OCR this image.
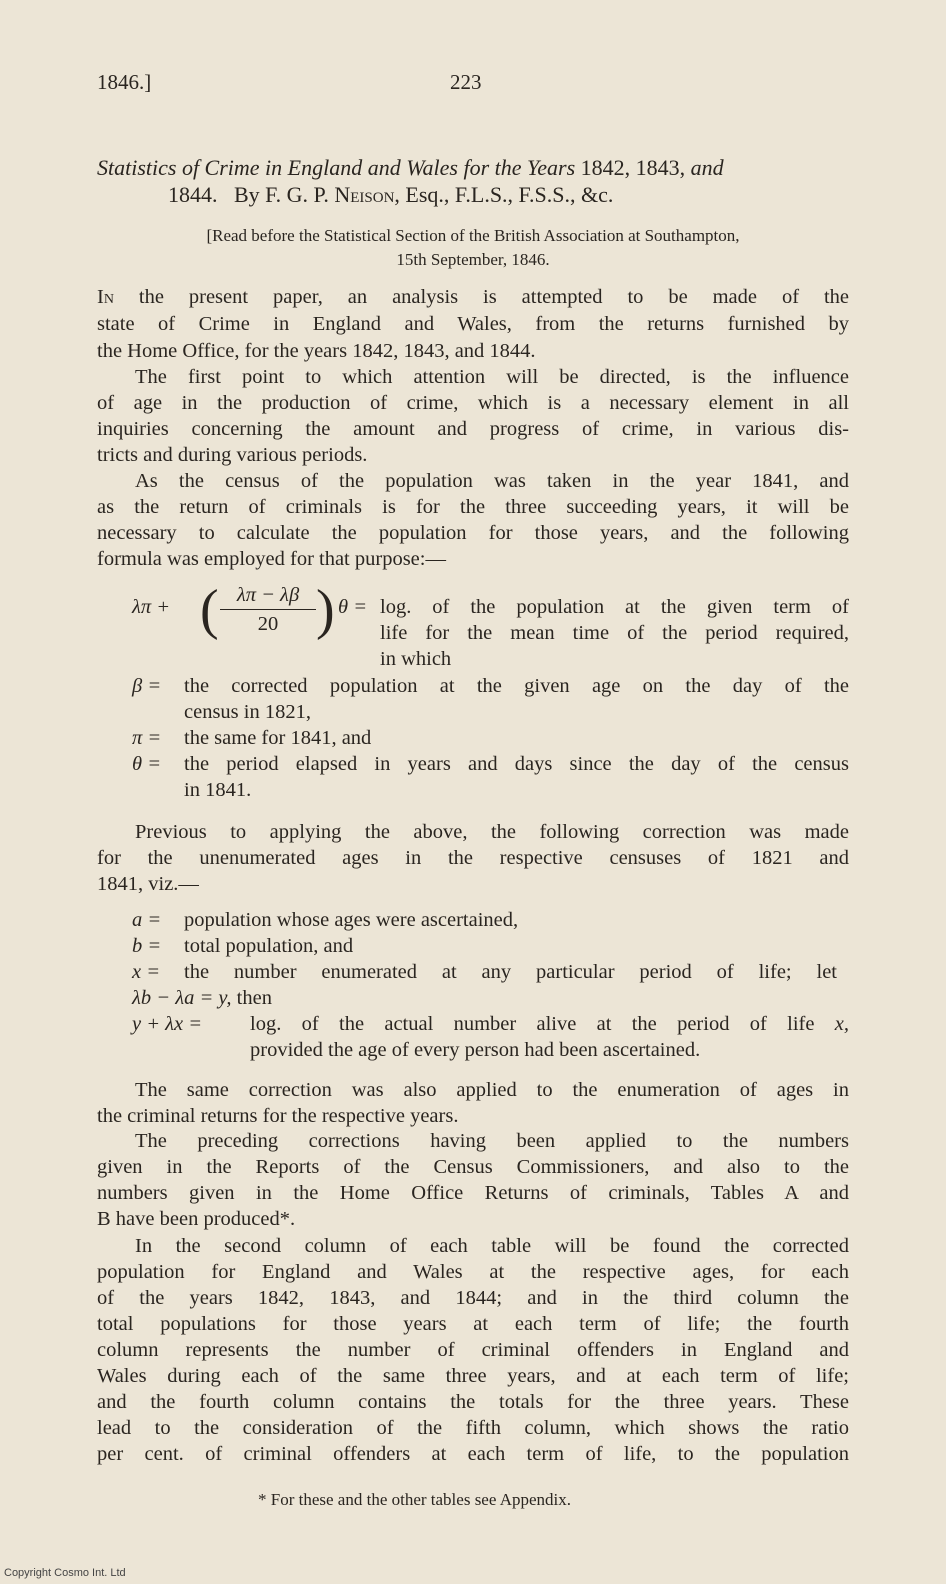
1846.]	223
Statistics of Crime in England and Wales for the Years 1842, 1843, and
1844. By F. G. P. Neison, Esq., F.L.S., F.S.S., &c.
[Read before the Statistical Section of the British Association at Southampton,
15th September, 1846.
In the present paper, an analysis is attempted to be made of the
state of Crime in England and Wales, from the returns furnished by
the Home Office, for the years 1842, 1843, and 1844.
The first point to which attention will be directed, is the influence
of age in the production of crime, which is a necessary element in all
inquiries concerning the amount and progress of crime, in various dis-
tricts and during various periods.
As the census of the population was taken in the year 1841, and
as the return of criminals is for the three succeeding years, it will be
necessary to calculate the population for those years, and the following
formula was employed for that purpose:—
λπ + ( λπ − λβ
20 ) θ = log. of the population at the given term of
life for the mean time of the period required,
in which
β = the corrected population at the given age on the day of the
census in 1821,
π = the same for 1841, and
θ = the period elapsed in years and days since the day of the census
in 1841.
Previous to applying the above, the following correction was made
for the unenumerated ages in the respective censuses of 1821 and
1841, viz.—
a = population whose ages were ascertained,
b = total population, and
x = the number enumerated at any particular period of life; let
λb − λa = y, then
y + λx = log. of the actual number alive at the period of life x,
provided the age of every person had been ascertained.
The same correction was also applied to the enumeration of ages in
the criminal returns for the respective years.
The preceding corrections having been applied to the numbers
given in the Reports of the Census Commissioners, and also to the
numbers given in the Home Office Returns of criminals, Tables A and
B have been produced*.
In the second column of each table will be found the corrected
population for England and Wales at the respective ages, for each
of the years 1842, 1843, and 1844; and in the third column the
total populations for those years at each term of life; the fourth
column represents the number of criminal offenders in England and
Wales during each of the same three years, and at each term of life;
and the fourth column contains the totals for the three years. These
lead to the consideration of the fifth column, which shows the ratio
per cent. of criminal offenders at each term of life, to the population
* For these and the other tables see Appendix.
Copyright Cosmo Int. Ltd
